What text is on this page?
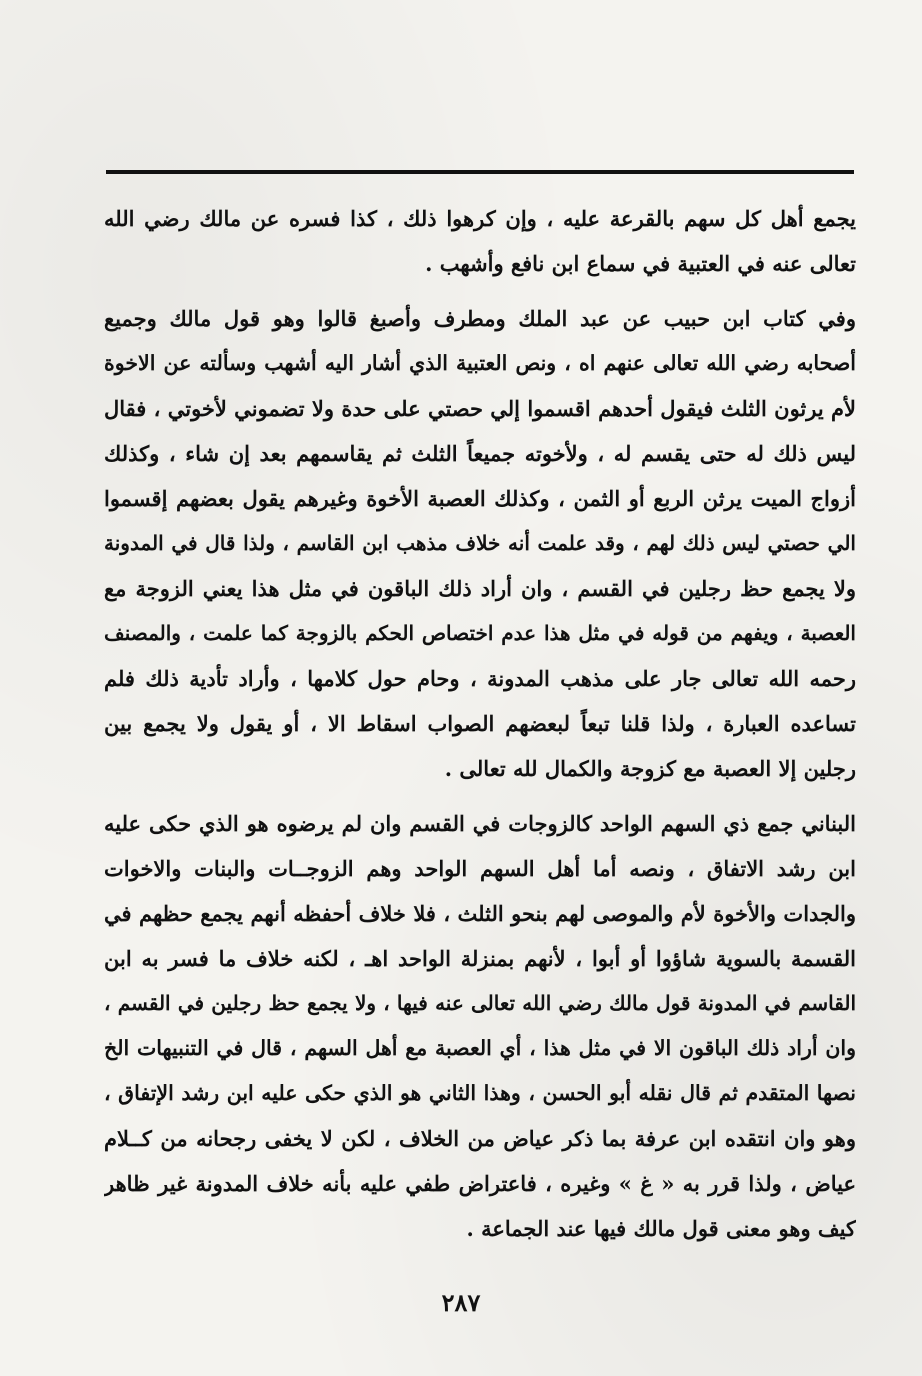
يجمع أهل كل سهم بالقرعة عليه ، وإن كرهوا ذلك ، كذا فسره عن مالك رضي الله
تعالى عنه في العتبية في سماع ابن نافع وأشهب .
وفي كتاب ابن حبيب عن عبد الملك ومطرف وأصبغ قالوا وهو قول مالك وجميع
أصحابه رضي الله تعالى عنهم اه ، ونص العتبية الذي أشار اليه أشهب وسألته عن الاخوة
لأم يرثون الثلث فيقول أحدهم اقسموا إلي حصتي على حدة ولا تضموني لأخوتي ، فقال
ليس ذلك له حتى يقسم له ، ولأخوته جميعاً الثلث ثم يقاسمهم بعد إن شاء ، وكذلك
أزواج الميت يرثن الربع أو الثمن ، وكذلك العصبة الأخوة وغيرهم يقول بعضهم إقسموا
الي حصتي ليس ذلك لهم ، وقد علمت أنه خلاف مذهب ابن القاسم ، ولذا قال في المدونة
ولا يجمع حظ رجلين في القسم ، وان أراد ذلك الباقون في مثل هذا يعني الزوجة مع
العصبة ، ويفهم من قوله في مثل هذا عدم اختصاص الحكم بالزوجة كما علمت ، والمصنف
رحمه الله تعالى جار على مذهب المدونة ، وحام حول كلامها ، وأراد تأدية ذلك فلم
تساعده العبارة ، ولذا قلنا تبعاً لبعضهم الصواب اسقاط الا ، أو يقول ولا يجمع بين
رجلين إلا العصبة مع كزوجة والكمال لله تعالى .
البناني جمع ذي السهم الواحد كالزوجات في القسم وان لم يرضوه هو الذي حكى عليه
ابن رشد الاتفاق ، ونصه أما أهل السهم الواحد وهم الزوجــات والبنات والاخوات
والجدات والأخوة لأم والموصى لهم بنحو الثلث ، فلا خلاف أحفظه أنهم يجمع حظهم في
القسمة بالسوية شاؤوا أو أبوا ، لأنهم بمنزلة الواحد اهـ ، لكنه خلاف ما فسر به ابن
القاسم في المدونة قول مالك رضي الله تعالى عنه فيها ، ولا يجمع حظ رجلين في القسم ،
وان أراد ذلك الباقون الا في مثل هذا ، أي العصبة مع أهل السهم ، قال في التنبيهات الخ
نصها المتقدم ثم قال نقله أبو الحسن ، وهذا الثاني هو الذي حكى عليه ابن رشد الإتفاق ،
وهو وان انتقده ابن عرفة بما ذكر عياض من الخلاف ، لكن لا يخفى رجحانه من كــلام
عياض ، ولذا قرر به « غ » وغيره ، فاعتراض طفي عليه بأنه خلاف المدونة غير ظاهر
كيف وهو معنى قول مالك فيها عند الجماعة .
٢٨٧
